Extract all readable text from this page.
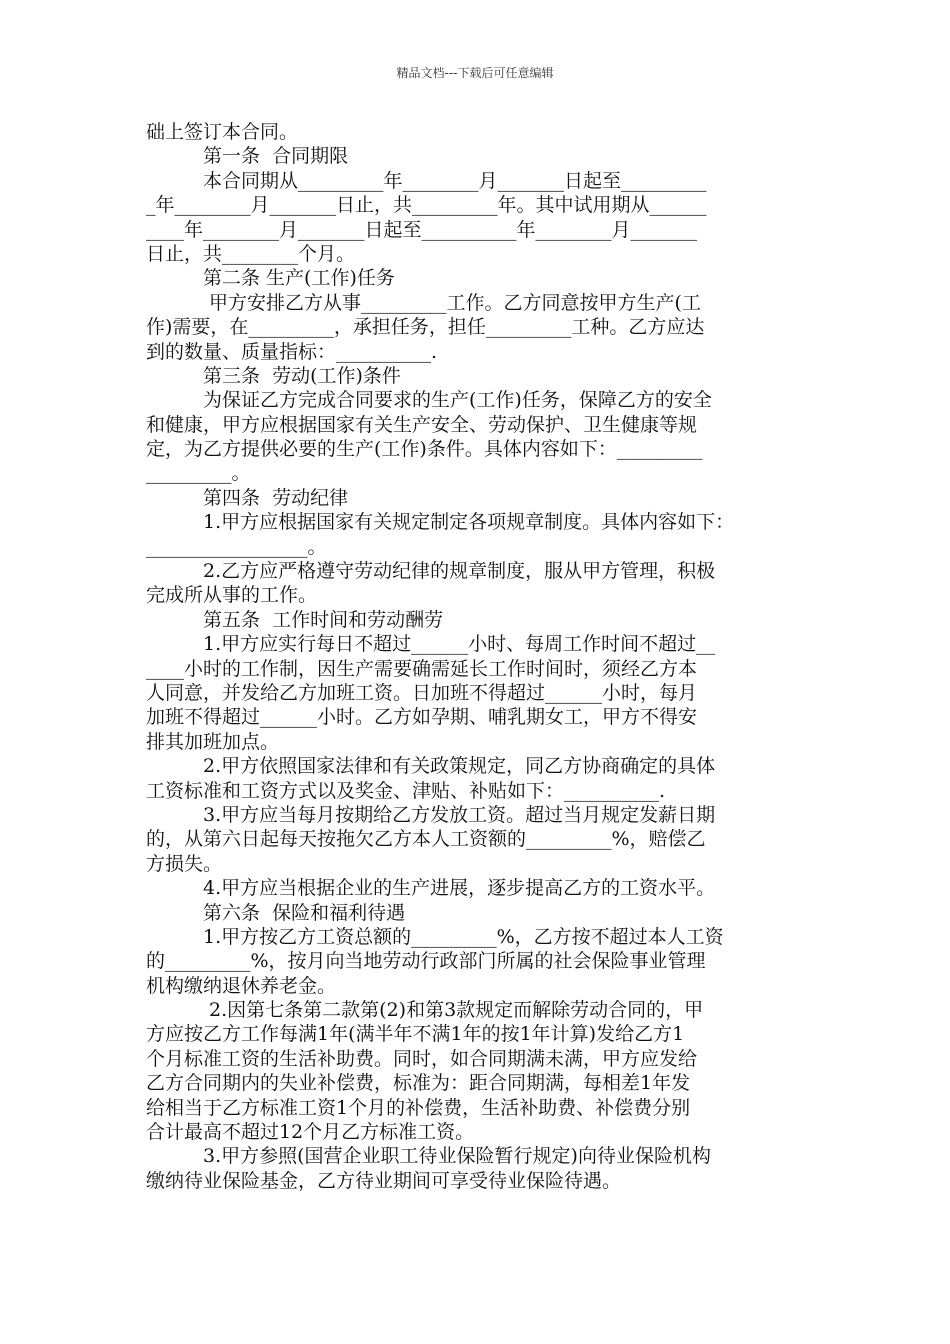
精品文档---下载后可任意编辑
础上签订本合同。
第一条  合同期限
本合同期从_________年________月_______日起至_________
_年________月_______日止，共_________年。其中试用期从______
____年________月_______日起至__________年________月_______
日止，共________个月。
第二条 生产(工作)任务
甲方安排乙方从事_________工作。乙方同意按甲方生产(工
作)需要，在_________，承担任务，担任_________工种。乙方应达
到的数量、质量指标：__________.
第三条  劳动(工作)条件
为保证乙方完成合同要求的生产(工作)任务，保障乙方的安全
和健康，甲方应根据国家有关生产安全、劳动保护、卫生健康等规
定，为乙方提供必要的生产(工作)条件。具体内容如下：_________
_________。
第四条  劳动纪律
1.甲方应根据国家有关规定制定各项规章制度。具体内容如下：
_________________。
2.乙方应严格遵守劳动纪律的规章制度，服从甲方管理，积极
完成所从事的工作。
第五条  工作时间和劳动酬劳
1.甲方应实行每日不超过______小时、每周工作时间不超过__
____小时的工作制，因生产需要确需延长工作时间时，须经乙方本
人同意，并发给乙方加班工资。日加班不得超过______小时，每月
加班不得超过______小时。乙方如孕期、哺乳期女工，甲方不得安
排其加班加点。
2.甲方依照国家法律和有关政策规定，同乙方协商确定的具体
工资标准和工资方式以及奖金、津贴、补贴如下：__________.
3.甲方应当每月按期给乙方发放工资。超过当月规定发薪日期
的，从第六日起每天按拖欠乙方本人工资额的_________%，赔偿乙
方损失。
4.甲方应当根据企业的生产进展，逐步提高乙方的工资水平。
第六条  保险和福利待遇
1.甲方按乙方工资总额的_________%，乙方按不超过本人工资
的_________%，按月向当地劳动行政部门所属的社会保险事业管理
机构缴纳退休养老金。
2.因第七条第二款第(2)和第3款规定而解除劳动合同的，甲
方应按乙方工作每满1年(满半年不满1年的按1年计算)发给乙方1
个月标准工资的生活补助费。同时，如合同期满未满，甲方应发给
乙方合同期内的失业补偿费，标准为：距合同期满，每相差1年发
给相当于乙方标准工资1个月的补偿费，生活补助费、补偿费分别
合计最高不超过12个月乙方标准工资。
3.甲方参照(国营企业职工待业保险暂行规定)向待业保险机构
缴纳待业保险基金，乙方待业期间可享受待业保险待遇。
